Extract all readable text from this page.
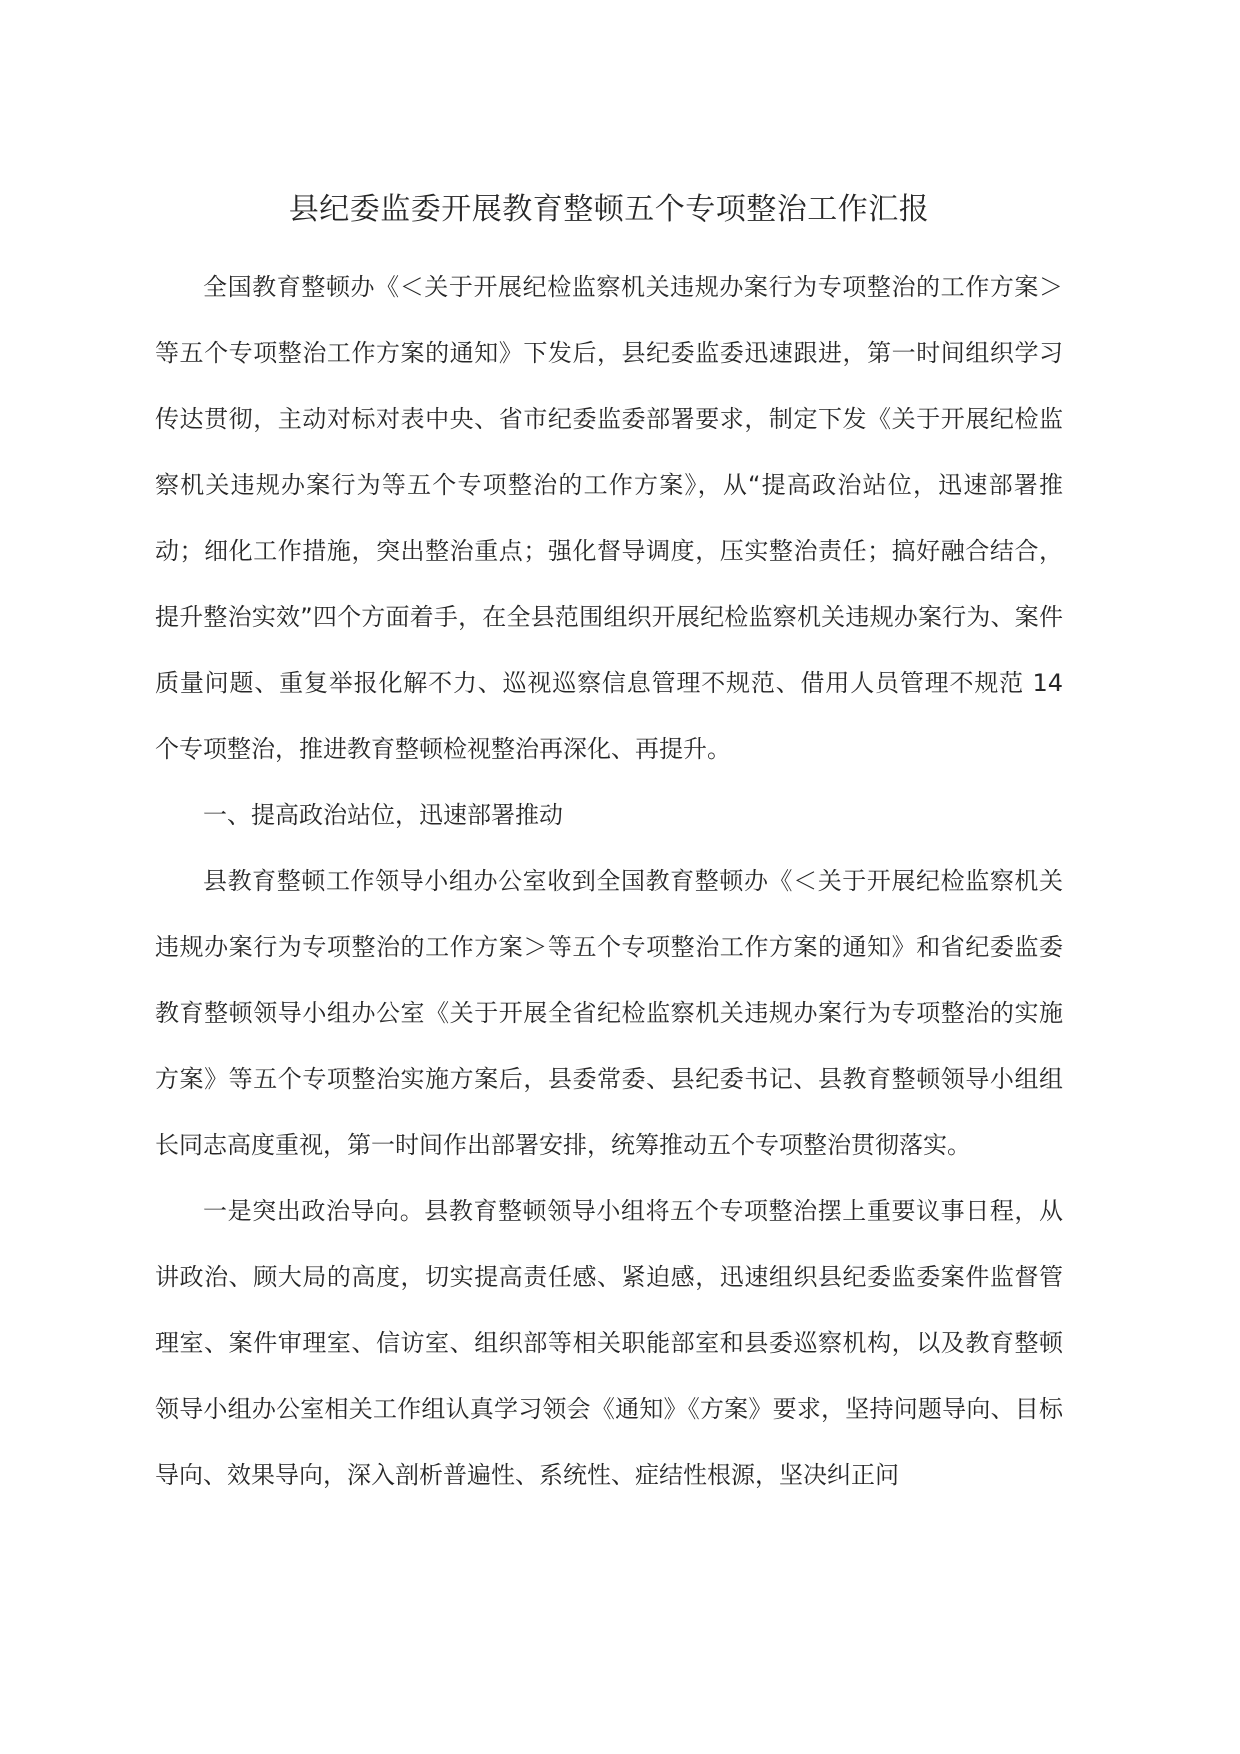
县纪委监委开展教育整顿五个专项整治工作汇报

全国教育整顿办《＜关于开展纪检监察机关违规办案行为专项整治的工作方案＞等五个专项整治工作方案的通知》下发后，县纪委监委迅速跟进，第一时间组织学习传达贯彻，主动对标对表中央、省市纪委监委部署要求，制定下发《关于开展纪检监察机关违规办案行为等五个专项整治的工作方案》，从“提高政治站位，迅速部署推动；细化工作措施，突出整治重点；强化督导调度，压实整治责任；搞好融合结合，提升整治实效”四个方面着手，在全县范围组织开展纪检监察机关违规办案行为、案件质量问题、重复举报化解不力、巡视巡察信息管理不规范、借用人员管理不规范 14 个专项整治，推进教育整顿检视整治再深化、再提升。

一、提高政治站位，迅速部署推动

县教育整顿工作领导小组办公室收到全国教育整顿办《＜关于开展纪检监察机关违规办案行为专项整治的工作方案＞等五个专项整治工作方案的通知》和省纪委监委教育整顿领导小组办公室《关于开展全省纪检监察机关违规办案行为专项整治的实施方案》等五个专项整治实施方案后，县委常委、县纪委书记、县教育整顿领导小组组长同志高度重视，第一时间作出部署安排，统筹推动五个专项整治贯彻落实。

一是突出政治导向。县教育整顿领导小组将五个专项整治摆上重要议事日程，从讲政治、顾大局的高度，切实提高责任感、紧迫感，迅速组织县纪委监委案件监督管理室、案件审理室、信访室、组织部等相关职能部室和县委巡察机构，以及教育整顿领导小组办公室相关工作组认真学习领会《通知》《方案》要求，坚持问题导向、目标导向、效果导向，深入剖析普遍性、系统性、症结性根源，坚决纠正问
